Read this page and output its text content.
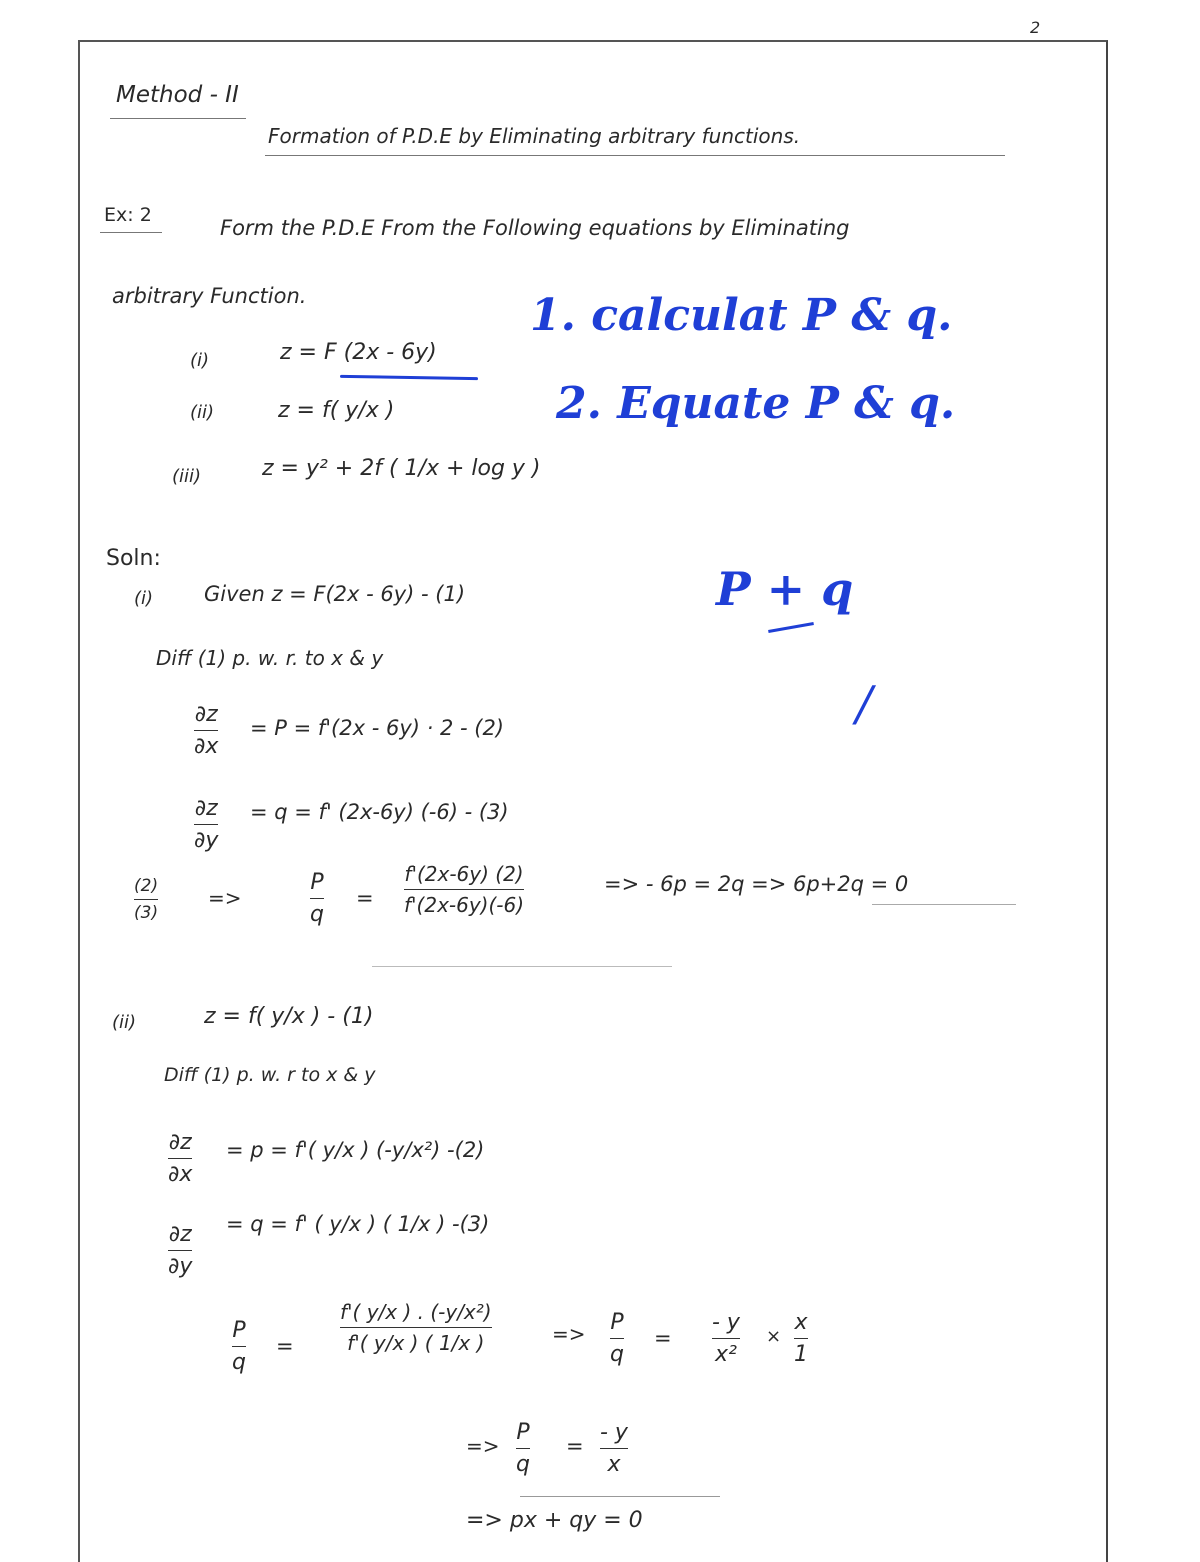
2
Method - II
Formation of P.D.E by Eliminating arbitrary functions.
Ex: 2
Form the P.D.E From the Following equations by Eliminating
arbitrary Function.
(i)	z = F (2x - 6y)
(ii)	z = f( y/x )
(iii)	z = y² + 2f ( 1/x + log y )
1. calculat P & q.
2. Equate P & q.
P + q
/
Soln:
(i) Given z = F(2x - 6y) - (1)
Diff (1) p. w. r. to x & y
∂z
∂x
= P = f'(2x - 6y) · 2 - (2)
∂z
∂y
= q = f' (2x-6y) (-6) - (3)
(2)
(3)
=>
P
q
=
f'(2x-6y) (2)
f'(2x-6y)(-6)
=> - 6p = 2q => 6p+2q = 0
(ii)	z = f( y/x ) - (1)
Diff (1) p. w. r to x & y
∂z
∂x
= p = f'( y/x ) (-y/x²) -(2)
∂z
∂y
= q = f' ( y/x ) ( 1/x ) -(3)
P
q
=
f'( y/x ) . (-y/x²)
f'( y/x ) ( 1/x )	=> P
q
=
- y
x²
×
x
1
=>
P
q
=
- y
x
=> px + qy = 0
